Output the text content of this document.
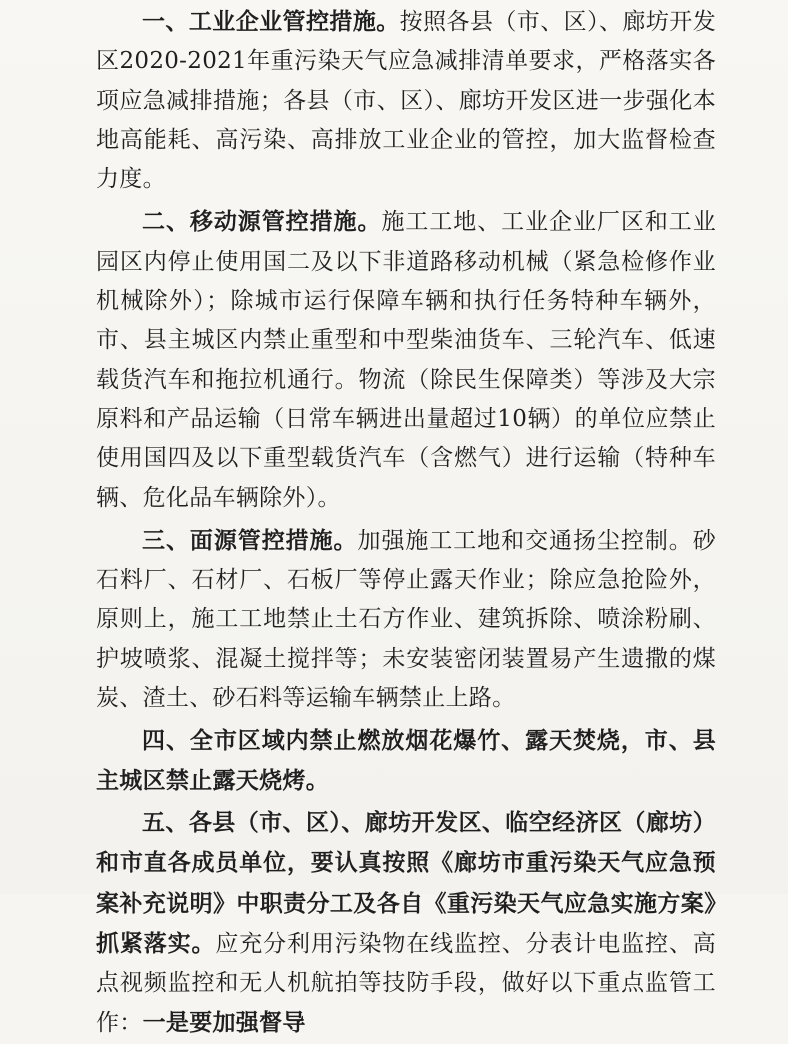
一、工业企业管控措施。按照各县（市、区）、廊坊开发区2020-2021年重污染天气应急减排清单要求，严格落实各项应急减排措施；各县（市、区）、廊坊开发区进一步强化本地高能耗、高污染、高排放工业企业的管控，加大监督检查力度。

二、移动源管控措施。施工工地、工业企业厂区和工业园区内停止使用国二及以下非道路移动机械（紧急检修作业机械除外）；除城市运行保障车辆和执行任务特种车辆外，市、县主城区内禁止重型和中型柴油货车、三轮汽车、低速载货汽车和拖拉机通行。物流（除民生保障类）等涉及大宗原料和产品运输（日常车辆进出量超过10辆）的单位应禁止使用国四及以下重型载货汽车（含燃气）进行运输（特种车辆、危化品车辆除外）。

三、面源管控措施。加强施工工地和交通扬尘控制。砂石料厂、石材厂、石板厂等停止露天作业；除应急抢险外，原则上，施工工地禁止土石方作业、建筑拆除、喷涂粉刷、护坡喷浆、混凝土搅拌等；未安装密闭装置易产生遗撒的煤炭、渣土、砂石料等运输车辆禁止上路。

四、全市区域内禁止燃放烟花爆竹、露天焚烧，市、县主城区禁止露天烧烤。

五、各县（市、区）、廊坊开发区、临空经济区（廊坊）和市直各成员单位，要认真按照《廊坊市重污染天气应急预案补充说明》中职责分工及各自《重污染天气应急实施方案》抓紧落实。应充分利用污染物在线监控、分表计电监控、高点视频监控和无人机航拍等技防手段，做好以下重点监管工作：一是要加强督导
